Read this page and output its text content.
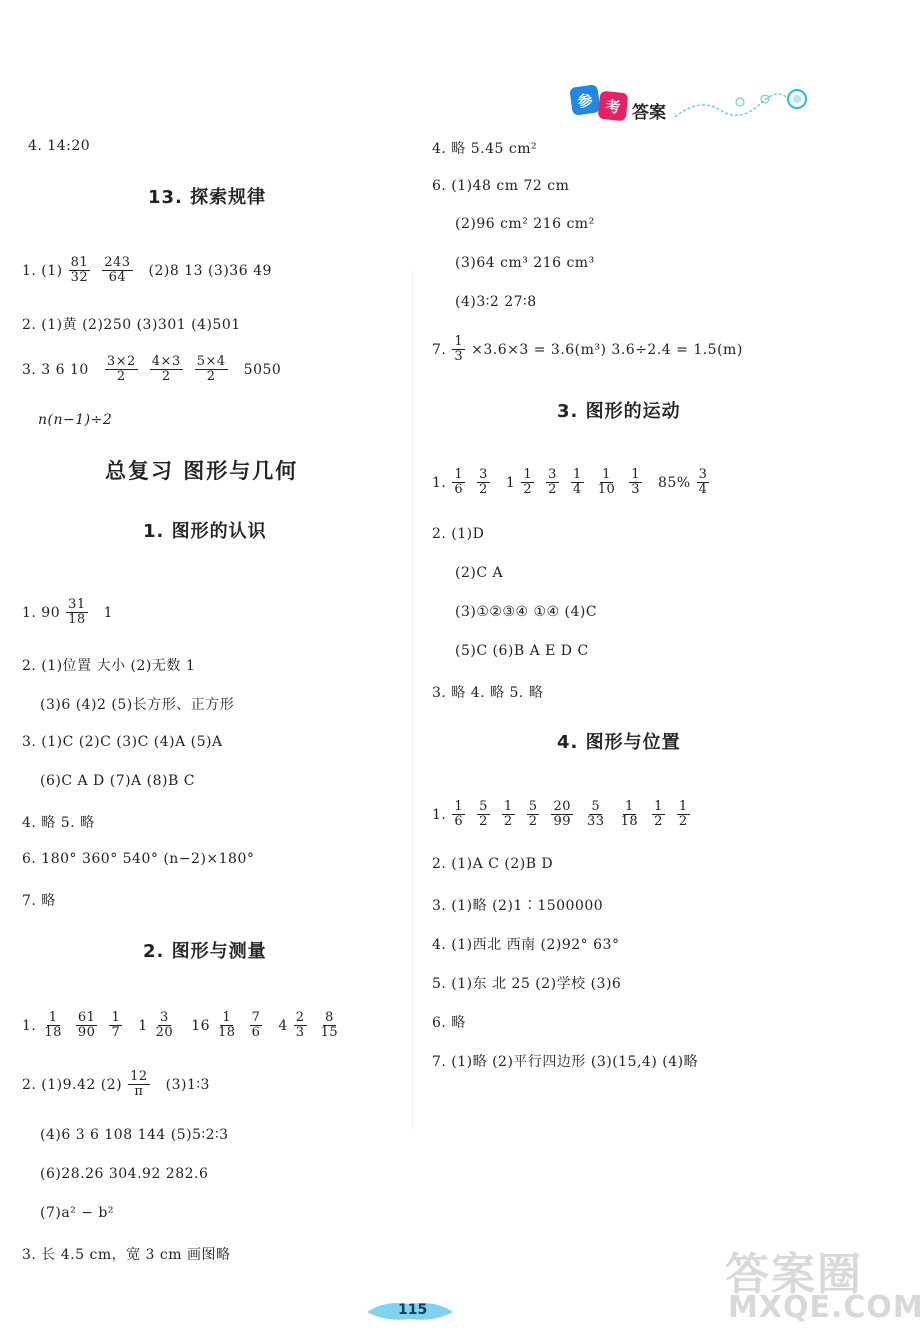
参 考 答案
4. 14:20
13. 探索规律
1. $(1) \frac{81}{32} \frac{243}{64} (2)8$ 13 (3)36 49
2. (1)黄 (2)250 (3)301 (4)501
3. 3 6 $10 \frac{3\times 2}{2} \frac{4\times 3}{2} \frac{5\times 4}{2} 5050$
n(n−1)÷2
总复习 图形与几何
1. 图形的认识
1. $90 \frac{31}{18} 1$
2. (1)位置 大小 (2)无数 1
(3)6 (4)2 (5)长方形、正方形
3. (1)C (2)C (3)C (4)A (5)A
(6)C A D (7)A (8)B C
4. 略 5. 略
6. 180° 360° 540° (n−2)×180°
7. 略
2. 图形与测量
1. $\frac{1}{18} \frac{61}{90} \frac{1}{7} 1 \frac{3}{20} 16 \frac{1}{18} \frac{7}{6} 4 \frac{2}{3} \frac{8}{15}$
2. (1)9.42 $(2) \frac{12}{\pi}$ (3)1∶3
(4)6 3 6 108 144 (5)5∶2∶3
(6)28.26 304.92 282.6
(7)a² − b²
3. 长 4.5 cm，宽 3 cm 画图略
4. 略 5.45 cm²
6. (1)48 cm 72 cm
(2)96 cm² 216 cm²
(3)64 cm³ 216 cm³
(4)3∶2 27∶8
7. $\frac{1}{3} \times 3.6\times 3 = 3.6(m^3) 3.6\div 2.4 = 1.5(m)$
3. 图形的运动
1. $\frac{1}{6} \frac{3}{2} 1 \frac{1}{2} \frac{3}{2} \frac{1}{4} \frac{1}{10} \frac{1}{3} 85\% \frac{3}{4}$
2. (1)D
(2)C A
(3)①②③④ ①④ (4)C
(5)C (6)B A E D C
3. 略 4. 略 5. 略
4. 图形与位置
1. $\frac{1}{6} \frac{5}{2} \frac{1}{2} \frac{5}{2} \frac{20}{99} \frac{5}{33} \frac{1}{18} \frac{1}{2} \frac{1}{2}$
2. (1)A C (2)B D
3. (1)略 (2)1∶1500000
4. (1)西北 西南 (2)92° 63°
5. (1)东 北 25 (2)学校 (3)6
6. 略
7. (1)略 (2)平行四边形 (3)(15,4) (4)略
115
答案圈
MXQE.COM
